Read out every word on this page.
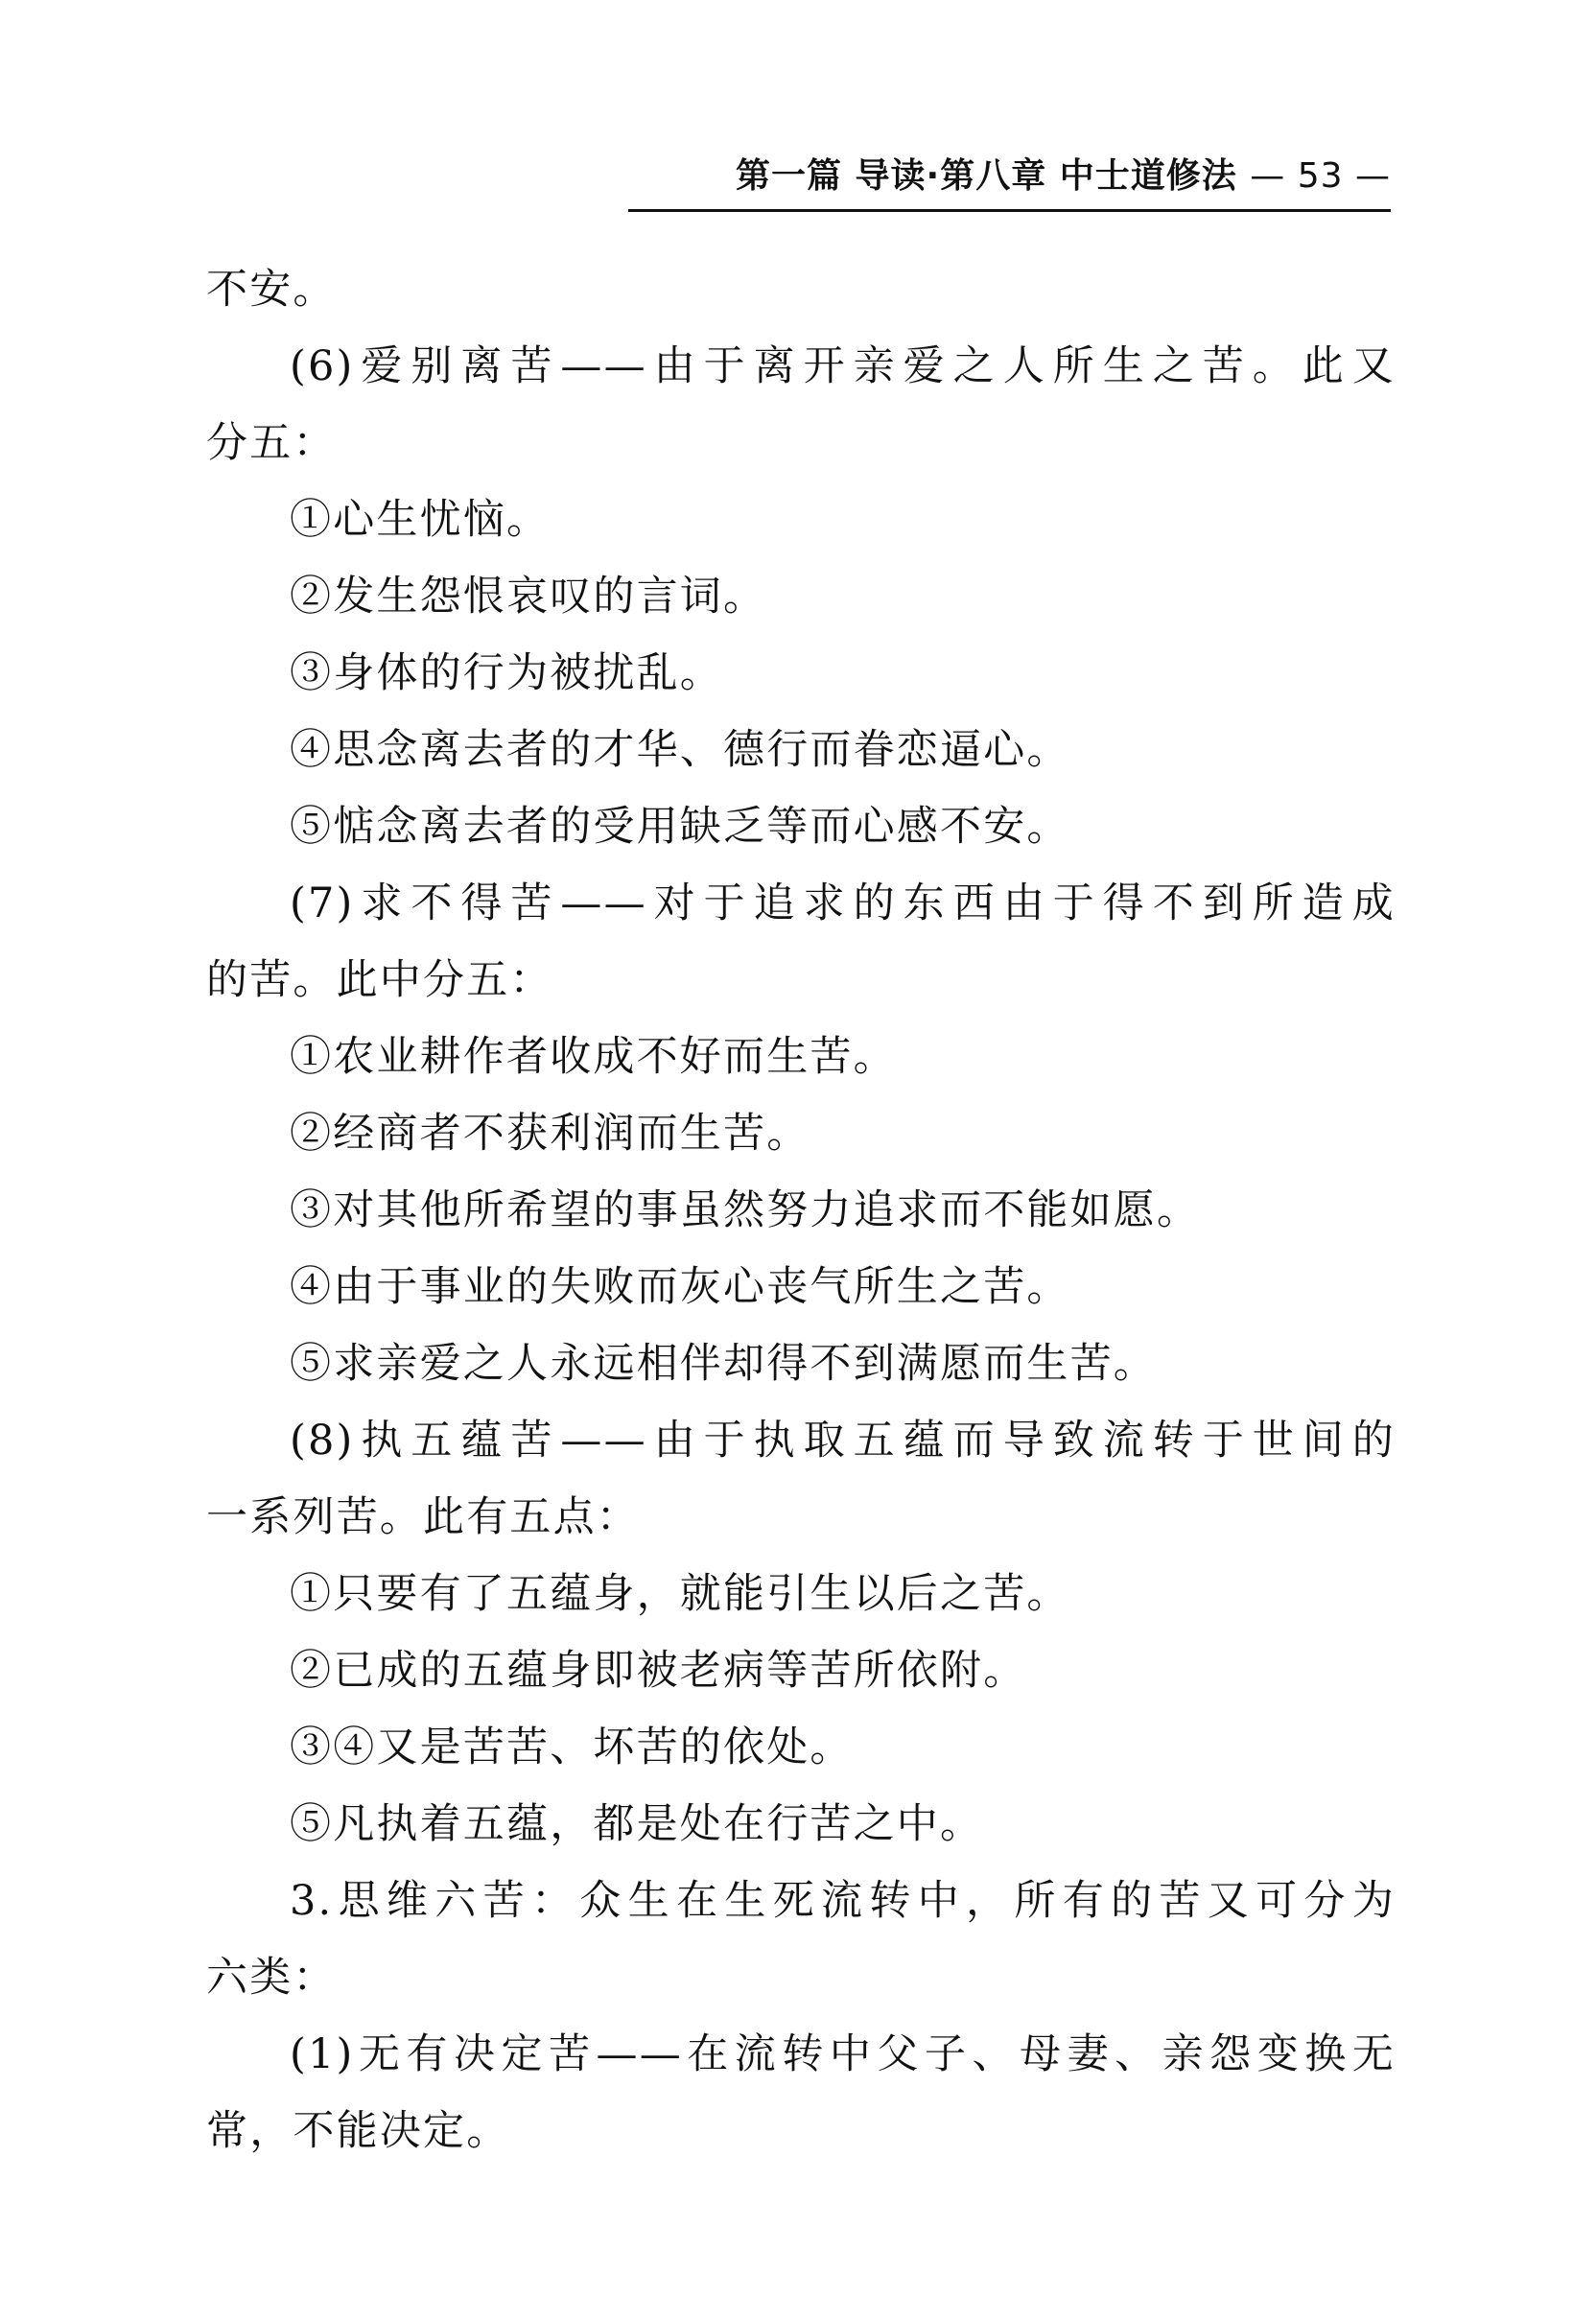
第一篇 导读·第八章 中士道修法 — 53 —
不安。
(6)爱别离苦——由于离开亲爱之人所生之苦。此又
分五：
①心生忧恼。
②发生怨恨哀叹的言词。
③身体的行为被扰乱。
④思念离去者的才华、德行而眷恋逼心。
⑤惦念离去者的受用缺乏等而心感不安。
(7)求不得苦——对于追求的东西由于得不到所造成
的苦。此中分五：
①农业耕作者收成不好而生苦。
②经商者不获利润而生苦。
③对其他所希望的事虽然努力追求而不能如愿。
④由于事业的失败而灰心丧气所生之苦。
⑤求亲爱之人永远相伴却得不到满愿而生苦。
(8)执五蕴苦——由于执取五蕴而导致流转于世间的
一系列苦。此有五点：
①只要有了五蕴身，就能引生以后之苦。
②已成的五蕴身即被老病等苦所依附。
③④又是苦苦、坏苦的依处。
⑤凡执着五蕴，都是处在行苦之中。
3.思维六苦：众生在生死流转中，所有的苦又可分为
六类：
(1)无有决定苦——在流转中父子、母妻、亲怨变换无
常，不能决定。
